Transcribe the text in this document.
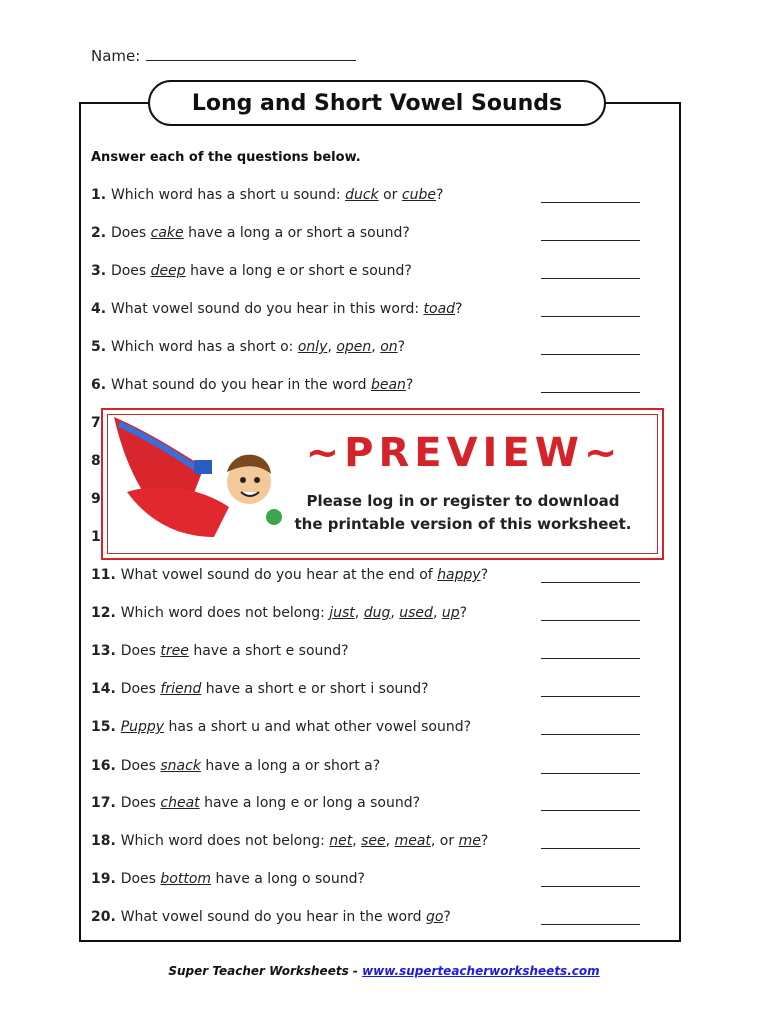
Name:
Long and Short Vowel Sounds
Answer each of the questions below.
1. Which word has a short u sound: duck or cube?
2. Does cake have a long a or short a sound?
3. Does deep have a long e or short e sound?
4. What vowel sound do you hear in this word: toad?
5. Which word has a short o: only, open, on?
6. What sound do you hear in the word bean?
7
8
9
1
11. What vowel sound do you hear at the end of happy?
12. Which word does not belong: just, dug, used, up?
13. Does tree have a short e sound?
14. Does friend have a short e or short i sound?
15. Puppy has a short u and what other vowel sound?
16. Does snack have a long a or short a?
17. Does cheat have a long e or long a sound?
18. Which word does not belong: net, see, meat, or me?
19. Does bottom have a long o sound?
20. What vowel sound do you hear in the word go?
~PREVIEW~
Please log in or register to download
the printable version of this worksheet.
Super Teacher Worksheets - www.superteacherworksheets.com
